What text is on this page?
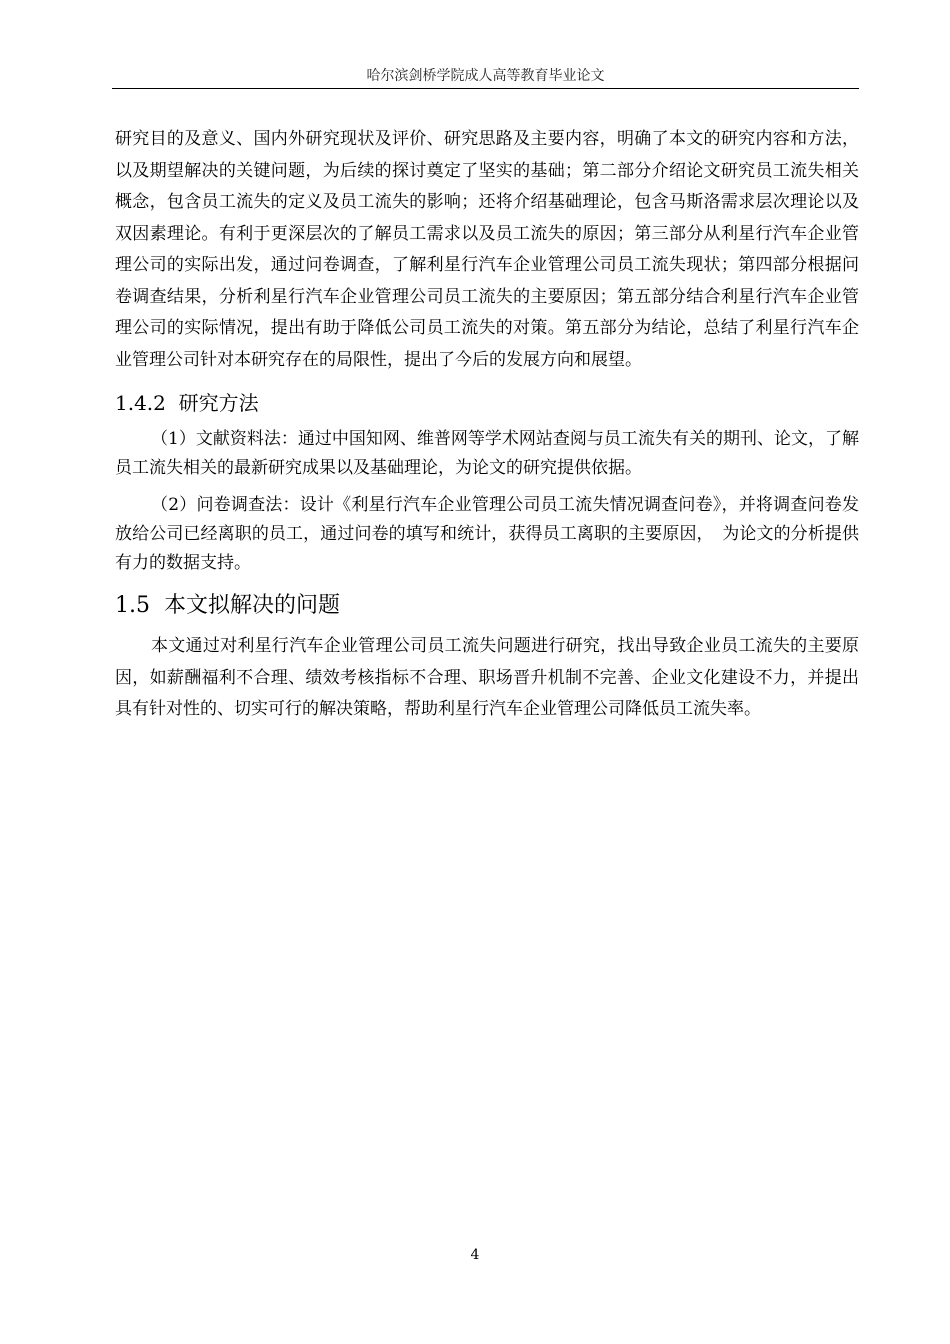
哈尔滨剑桥学院成人高等教育毕业论文

研究目的及意义、国内外研究现状及评价、研究思路及主要内容，明确了本文的研究内容和方法，以及期望解决的关键问题，为后续的探讨奠定了坚实的基础；第二部分介绍论文研究员工流失相关概念，包含员工流失的定义及员工流失的影响；还将介绍基础理论，包含马斯洛需求层次理论以及双因素理论。有利于更深层次的了解员工需求以及员工流失的原因；第三部分从利星行汽车企业管理公司的实际出发，通过问卷调查，了解利星行汽车企业管理公司员工流失现状；第四部分根据问卷调查结果，分析利星行汽车企业管理公司员工流失的主要原因；第五部分结合利星行汽车企业管理公司的实际情况，提出有助于降低公司员工流失的对策。第五部分为结论，总结了利星行汽车企业管理公司针对本研究存在的局限性，提出了今后的发展方向和展望。

1.4.2 研究方法

（1）文献资料法：通过中国知网、维普网等学术网站查阅与员工流失有关的期刊、论文，了解员工流失相关的最新研究成果以及基础理论，为论文的研究提供依据。

（2）问卷调查法：设计《利星行汽车企业管理公司员工流失情况调查问卷》，并将调查问卷发放给公司已经离职的员工，通过问卷的填写和统计，获得员工离职的主要原因，　为论文的分析提供有力的数据支持。

1.5 本文拟解决的问题

本文通过对利星行汽车企业管理公司员工流失问题进行研究，找出导致企业员工流失的主要原因，如薪酬福利不合理、绩效考核指标不合理、职场晋升机制不完善、企业文化建设不力，并提出具有针对性的、切实可行的解决策略，帮助利星行汽车企业管理公司降低员工流失率。

4
